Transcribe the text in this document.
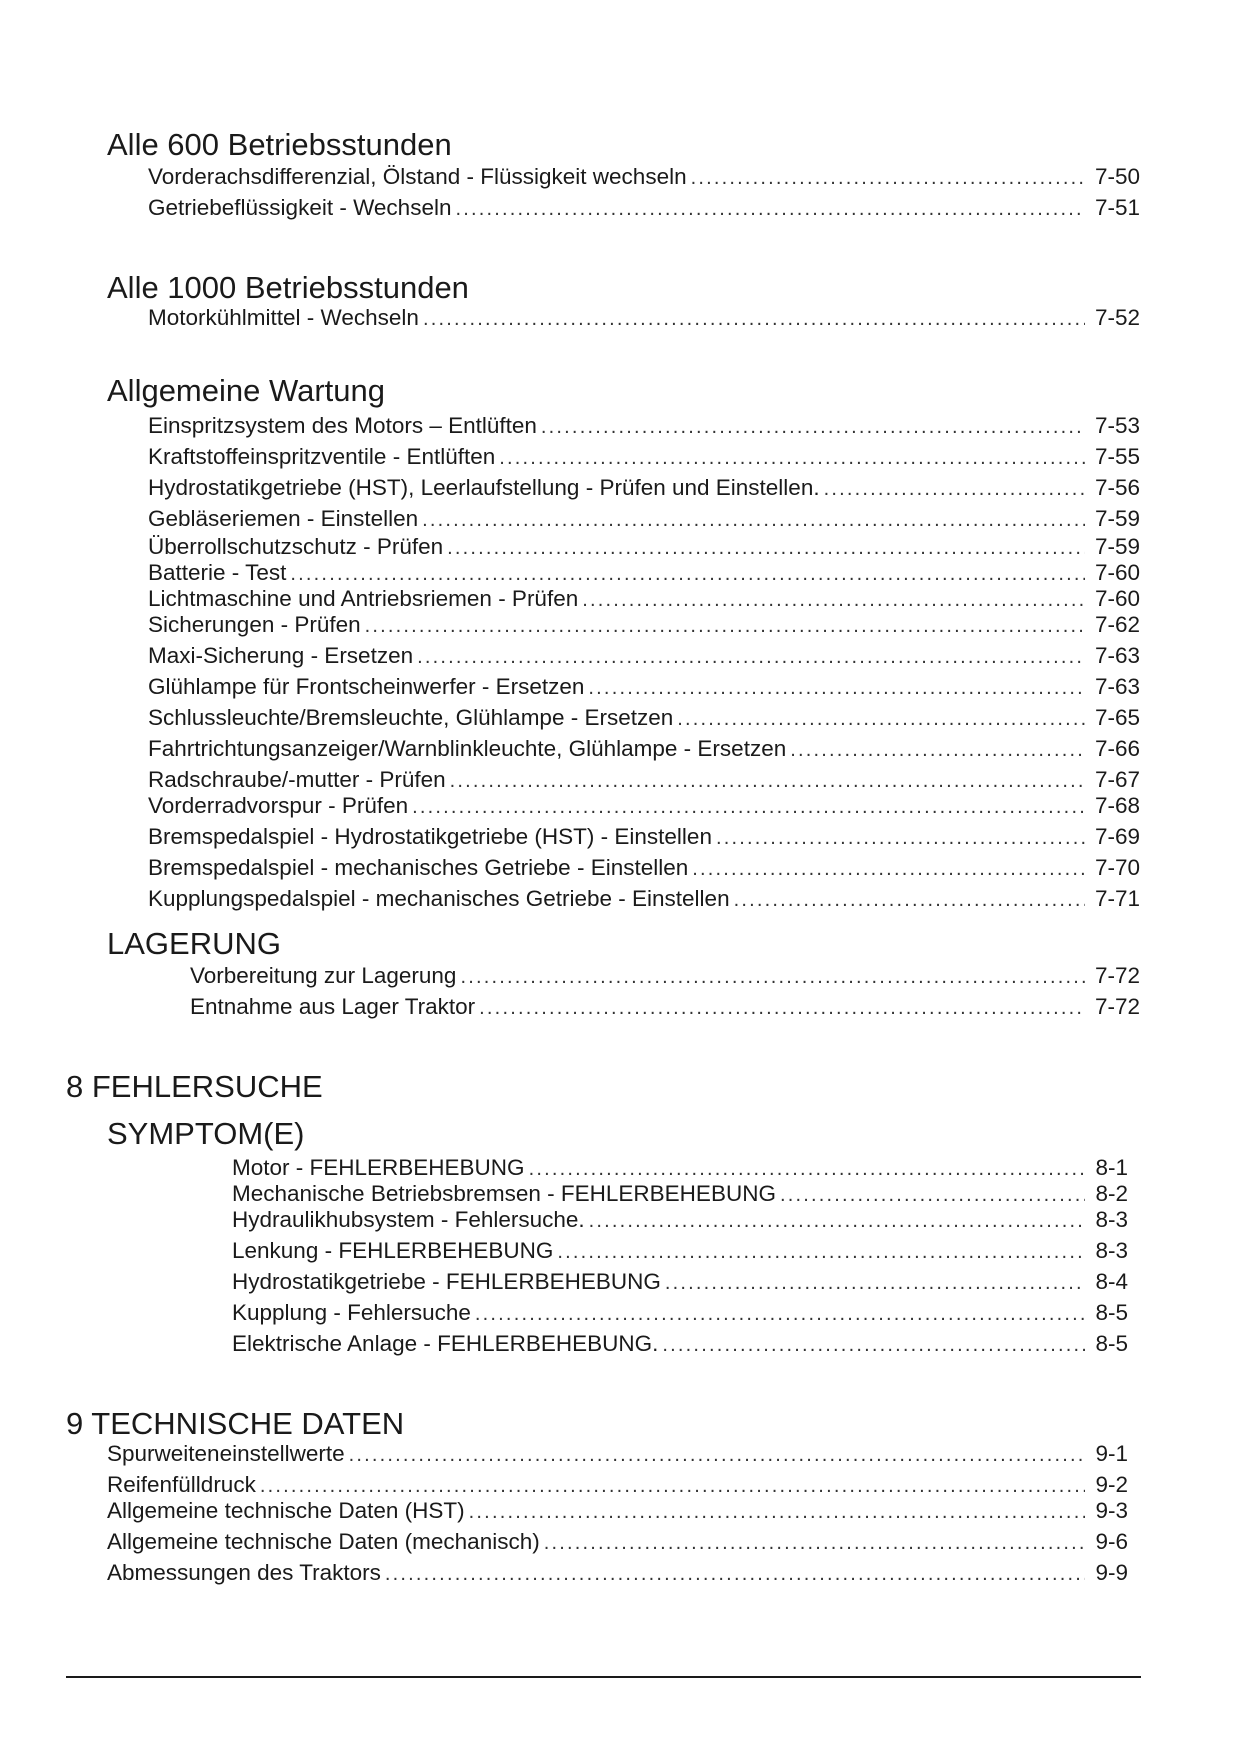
Alle 600 Betriebsstunden
Vorderachsdifferenzial, Ölstand - Flüssigkeit wechseln .....	7-50
Getriebeflüssigkeit - Wechseln .....	7-51
Alle 1000 Betriebsstunden
Motorkühlmittel - Wechseln .....	7-52
Allgemeine Wartung
Einspritzsystem des Motors – Entlüften .....	7-53
Kraftstoffeinspritzventile - Entlüften .....	7-55
Hydrostatikgetriebe (HST), Leerlaufstellung - Prüfen und Einstellen. .....	7-56
Gebläseriemen - Einstellen .....	7-59
Überrollschutzschutz - Prüfen .....	7-59
Batterie - Test .....	7-60
Lichtmaschine und Antriebsriemen - Prüfen .....	7-60
Sicherungen - Prüfen .....	7-62
Maxi-Sicherung - Ersetzen .....	7-63
Glühlampe für Frontscheinwerfer - Ersetzen .....	7-63
Schlussleuchte/Bremsleuchte, Glühlampe - Ersetzen .....	7-65
Fahrtrichtungsanzeiger/Warnblinkleuchte, Glühlampe - Ersetzen .....	7-66
Radschraube/-mutter - Prüfen .....	7-67
Vorderradvorspur - Prüfen .....	7-68
Bremspedalspiel - Hydrostatikgetriebe (HST) - Einstellen .....	7-69
Bremspedalspiel - mechanisches Getriebe - Einstellen .....	7-70
Kupplungspedalspiel - mechanisches Getriebe - Einstellen .....	7-71
LAGERUNG
Vorbereitung zur Lagerung .....	7-72
Entnahme aus Lager Traktor .....	7-72
8 FEHLERSUCHE
SYMPTOM(E)
Motor - FEHLERBEHEBUNG .....	8-1
Mechanische Betriebsbremsen - FEHLERBEHEBUNG .....	8-2
Hydraulikhubsystem - Fehlersuche. .....	8-3
Lenkung - FEHLERBEHEBUNG .....	8-3
Hydrostatikgetriebe - FEHLERBEHEBUNG .....	8-4
Kupplung - Fehlersuche .....	8-5
Elektrische Anlage - FEHLERBEHEBUNG. .....	8-5
9 TECHNISCHE DATEN
Spurweiteneinstellwerte .....	9-1
Reifenfülldruck .....	9-2
Allgemeine technische Daten (HST) .....	9-3
Allgemeine technische Daten (mechanisch) .....	9-6
Abmessungen des Traktors .....	9-9
